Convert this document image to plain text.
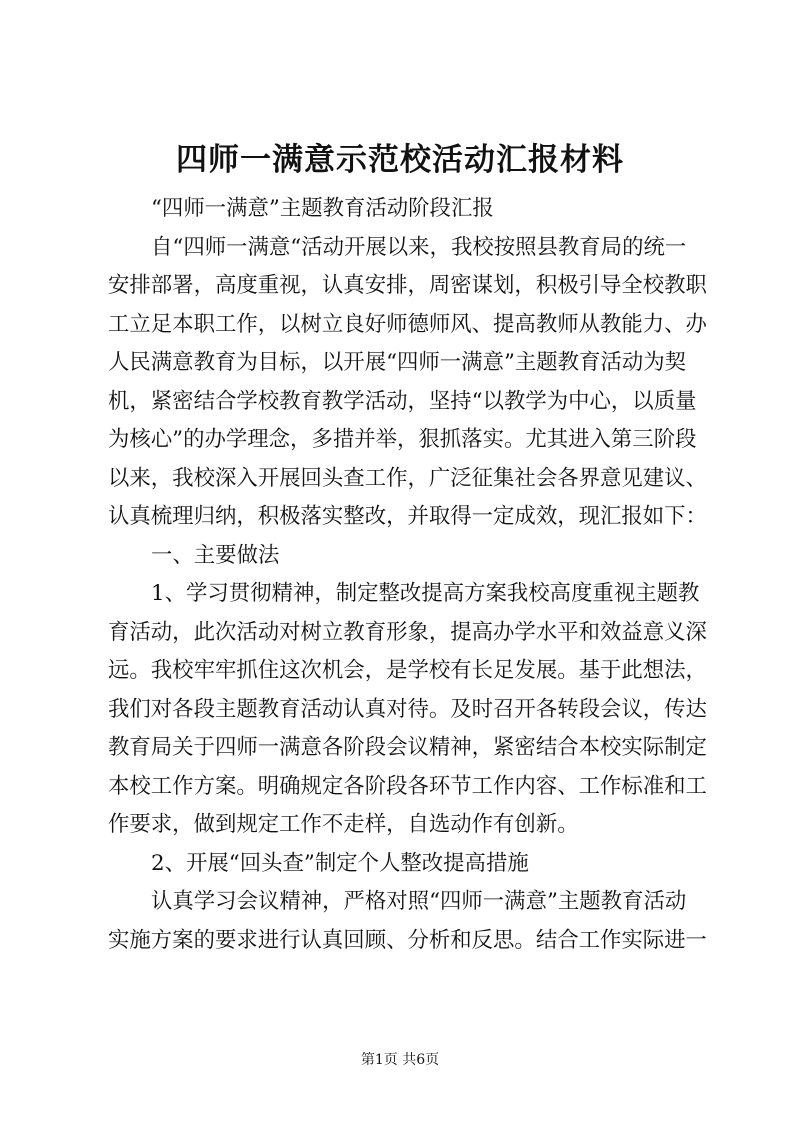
四师一满意示范校活动汇报材料
“四师一满意”主题教育活动阶段汇报
自“四师一满意“活动开展以来，我校按照县教育局的统一
安排部署，高度重视，认真安排，周密谋划，积极引导全校教职
工立足本职工作，以树立良好师德师风、提高教师从教能力、办
人民满意教育为目标，以开展“四师一满意”主题教育活动为契
机，紧密结合学校教育教学活动，坚持“以教学为中心，以质量
为核心”的办学理念，多措并举，狠抓落实。尤其进入第三阶段
以来，我校深入开展回头查工作，广泛征集社会各界意见建议、
认真梳理归纳，积极落实整改，并取得一定成效，现汇报如下：
一、主要做法
1、学习贯彻精神，制定整改提高方案我校高度重视主题教
育活动，此次活动对树立教育形象，提高办学水平和效益意义深
远。我校牢牢抓住这次机会，是学校有长足发展。基于此想法，
我们对各段主题教育活动认真对待。及时召开各转段会议，传达
教育局关于四师一满意各阶段会议精神，紧密结合本校实际制定
本校工作方案。明确规定各阶段各环节工作内容、工作标准和工
作要求，做到规定工作不走样，自选动作有创新。
2、开展“回头查”制定个人整改提高措施
认真学习会议精神，严格对照“四师一满意”主题教育活动
实施方案的要求进行认真回顾、分析和反思。结合工作实际进一
第1页 共6页
